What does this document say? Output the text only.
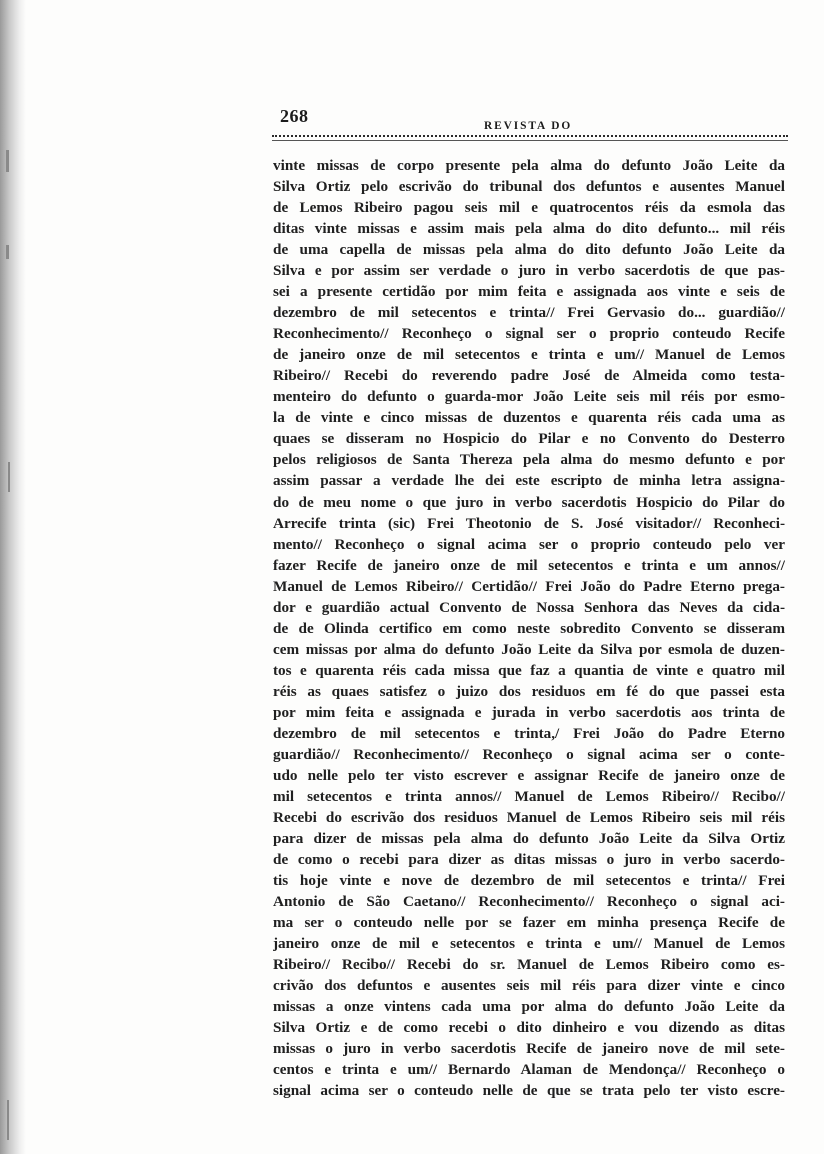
268	REVISTA DO
vinte missas de corpo presente pela alma do defunto João Leite da
Silva Ortiz pelo escrivão do tribunal dos defuntos e ausentes Manuel
de Lemos Ribeiro pagou seis mil e quatrocentos réis da esmola das
ditas vinte missas e assim mais pela alma do dito defunto... mil réis
de uma capella de missas pela alma do dito defunto João Leite da
Silva e por assim ser verdade o juro in verbo sacerdotis de que pas-
sei a presente certidão por mim feita e assignada aos vinte e seis de
dezembro de mil setecentos e trinta// Frei Gervasio do... guardião//
Reconhecimento// Reconheço o signal ser o proprio conteudo Recife
de janeiro onze de mil setecentos e trinta e um// Manuel de Lemos
Ribeiro// Recebi do reverendo padre José de Almeida como testa-
menteiro do defunto o guarda-mor João Leite seis mil réis por esmo-
la de vinte e cinco missas de duzentos e quarenta réis cada uma as
quaes se disseram no Hospicio do Pilar e no Convento do Desterro
pelos religiosos de Santa Thereza pela alma do mesmo defunto e por
assim passar a verdade lhe dei este escripto de minha letra assigna-
do de meu nome o que juro in verbo sacerdotis Hospicio do Pilar do
Arrecife trinta (sic) Frei Theotonio de S. José visitador// Reconheci-
mento// Reconheço o signal acima ser o proprio conteudo pelo ver
fazer Recife de janeiro onze de mil setecentos e trinta e um annos//
Manuel de Lemos Ribeiro// Certidão// Frei João do Padre Eterno prega-
dor e guardião actual Convento de Nossa Senhora das Neves da cida-
de de Olinda certifico em como neste sobredito Convento se disseram
cem missas por alma do defunto João Leite da Silva por esmola de duzen-
tos e quarenta réis cada missa que faz a quantia de vinte e quatro mil
réis as quaes satisfez o juizo dos residuos em fé do que passei esta
por mim feita e assignada e jurada in verbo sacerdotis aos trinta de
dezembro de mil setecentos e trinta,/ Frei João do Padre Eterno
guardião// Reconhecimento// Reconheço o signal acima ser o conte-
udo nelle pelo ter visto escrever e assignar Recife de janeiro onze de
mil setecentos e trinta annos// Manuel de Lemos Ribeiro// Recibo//
Recebi do escrivão dos residuos Manuel de Lemos Ribeiro seis mil réis
para dizer de missas pela alma do defunto João Leite da Silva Ortiz
de como o recebi para dizer as ditas missas o juro in verbo sacerdo-
tis hoje vinte e nove de dezembro de mil setecentos e trinta// Frei
Antonio de São Caetano// Reconhecimento// Reconheço o signal aci-
ma ser o conteudo nelle por se fazer em minha presença Recife de
janeiro onze de mil e setecentos e trinta e um// Manuel de Lemos
Ribeiro// Recibo// Recebi do sr. Manuel de Lemos Ribeiro como es-
crivão dos defuntos e ausentes seis mil réis para dizer vinte e cinco
missas a onze vintens cada uma por alma do defunto João Leite da
Silva Ortiz e de como recebi o dito dinheiro e vou dizendo as ditas
missas o juro in verbo sacerdotis Recife de janeiro nove de mil sete-
centos e trinta e um// Bernardo Alaman de Mendonça// Reconheço o
signal acima ser o conteudo nelle de que se trata pelo ter visto escre-
